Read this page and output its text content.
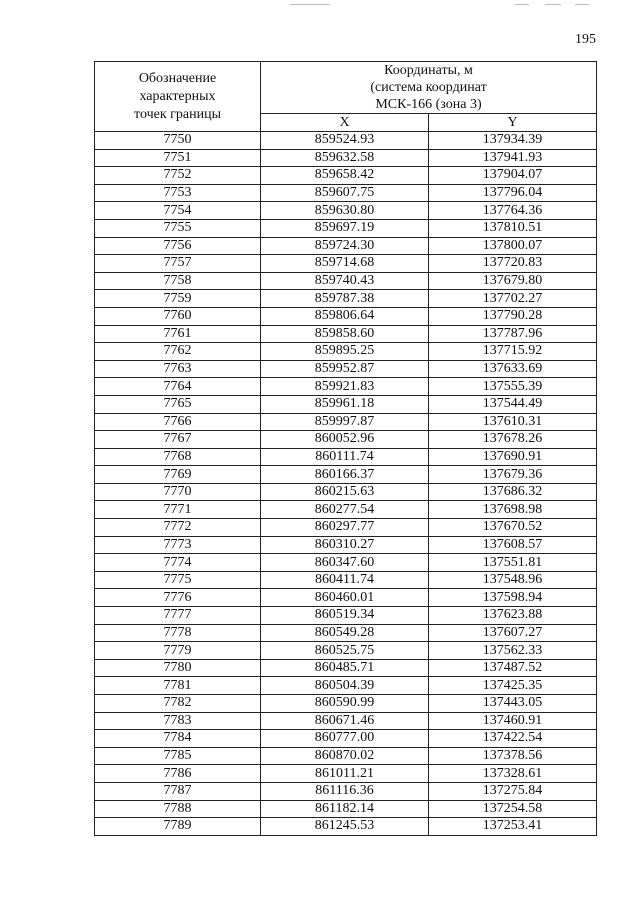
195
Обозначение
характерных
точек границы	Координаты, м
(система координат
МСК-166 (зона 3)	

	X	Y
7750	859524.93	137934.39
7751	859632.58	137941.93
7752	859658.42	137904.07
7753	859607.75	137796.04
7754	859630.80	137764.36
7755	859697.19	137810.51
7756	859724.30	137800.07
7757	859714.68	137720.83
7758	859740.43	137679.80
7759	859787.38	137702.27
7760	859806.64	137790.28
7761	859858.60	137787.96
7762	859895.25	137715.92
7763	859952.87	137633.69
7764	859921.83	137555.39
7765	859961.18	137544.49
7766	859997.87	137610.31
7767	860052.96	137678.26
7768	860111.74	137690.91
7769	860166.37	137679.36
7770	860215.63	137686.32
7771	860277.54	137698.98
7772	860297.77	137670.52
7773	860310.27	137608.57
7774	860347.60	137551.81
7775	860411.74	137548.96
7776	860460.01	137598.94
7777	860519.34	137623.88
7778	860549.28	137607.27
7779	860525.75	137562.33
7780	860485.71	137487.52
7781	860504.39	137425.35
7782	860590.99	137443.05
7783	860671.46	137460.91
7784	860777.00	137422.54
7785	860870.02	137378.56
7786	861011.21	137328.61
7787	861116.36	137275.84
7788	861182.14	137254.58
7789	861245.53	137253.41
